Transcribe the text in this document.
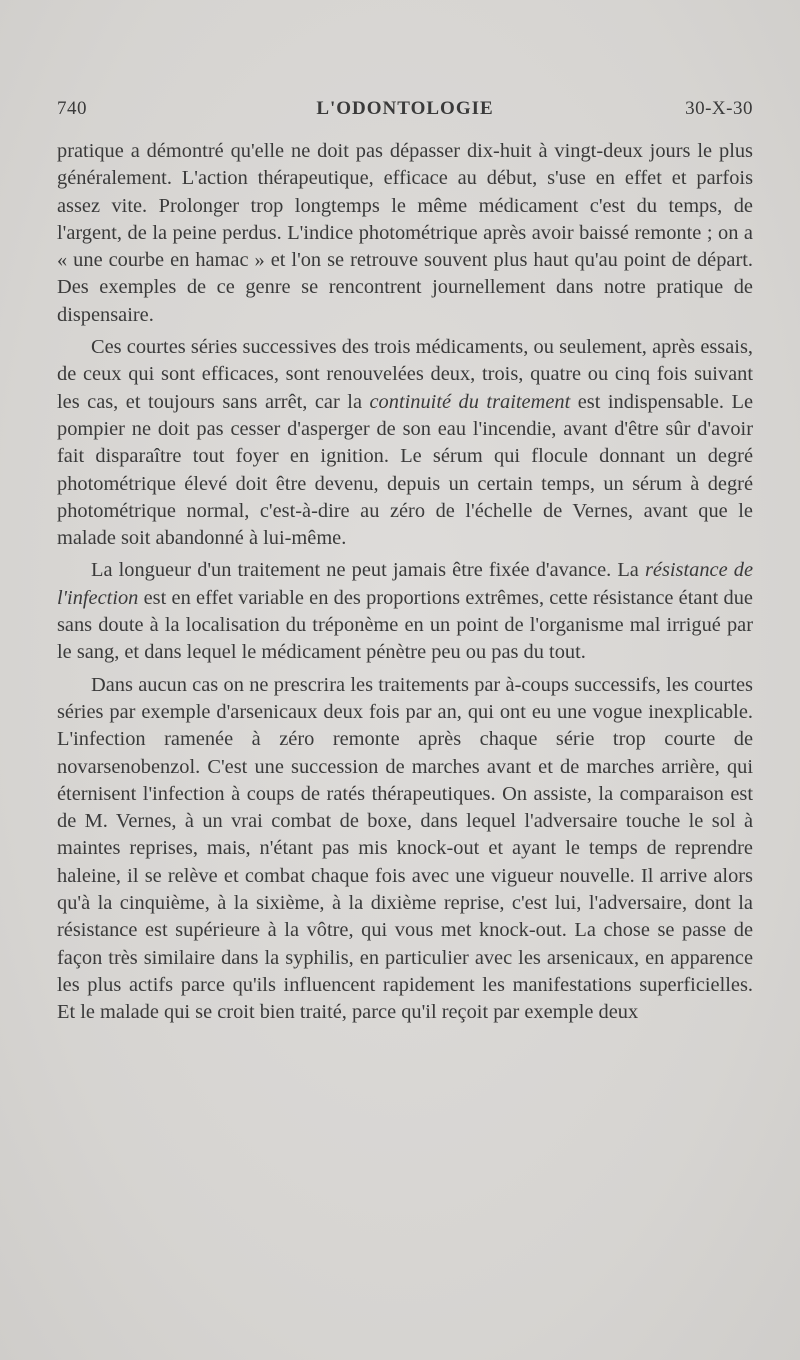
740	L'ODONTOLOGIE	30-X-30

pratique a démontré qu'elle ne doit pas dépasser dix-huit à vingt-deux jours le plus généralement. L'action thérapeutique, efficace au début, s'use en effet et parfois assez vite. Prolonger trop longtemps le même médicament c'est du temps, de l'argent, de la peine perdus. L'indice photométrique après avoir baissé remonte ; on a « une courbe en hamac » et l'on se retrouve souvent plus haut qu'au point de départ. Des exemples de ce genre se rencontrent journellement dans notre pratique de dispensaire.

Ces courtes séries successives des trois médicaments, ou seulement, après essais, de ceux qui sont efficaces, sont renouvelées deux, trois, quatre ou cinq fois suivant les cas, et toujours sans arrêt, car la continuité du traitement est indispensable. Le pompier ne doit pas cesser d'asperger de son eau l'incendie, avant d'être sûr d'avoir fait disparaître tout foyer en ignition. Le sérum qui flocule donnant un degré photométrique élevé doit être devenu, depuis un certain temps, un sérum à degré photométrique normal, c'est-à-dire au zéro de l'échelle de Vernes, avant que le malade soit abandonné à lui-même.

La longueur d'un traitement ne peut jamais être fixée d'avance. La résistance de l'infection est en effet variable en des proportions extrêmes, cette résistance étant due sans doute à la localisation du tréponème en un point de l'organisme mal irrigué par le sang, et dans lequel le médicament pénètre peu ou pas du tout.

Dans aucun cas on ne prescrira les traitements par à-coups successifs, les courtes séries par exemple d'arsenicaux deux fois par an, qui ont eu une vogue inexplicable. L'infection ramenée à zéro remonte après chaque série trop courte de novarsenobenzol. C'est une succession de marches avant et de marches arrière, qui éternisent l'infection à coups de ratés thérapeutiques. On assiste, la comparaison est de M. Vernes, à un vrai combat de boxe, dans lequel l'adversaire touche le sol à maintes reprises, mais, n'étant pas mis knock-out et ayant le temps de reprendre haleine, il se relève et combat chaque fois avec une vigueur nouvelle. Il arrive alors qu'à la cinquième, à la sixième, à la dixième reprise, c'est lui, l'adversaire, dont la résistance est supérieure à la vôtre, qui vous met knock-out. La chose se passe de façon très similaire dans la syphilis, en particulier avec les arsenicaux, en apparence les plus actifs parce qu'ils influencent rapidement les manifestations superficielles. Et le malade qui se croit bien traité, parce qu'il reçoit par exemple deux
